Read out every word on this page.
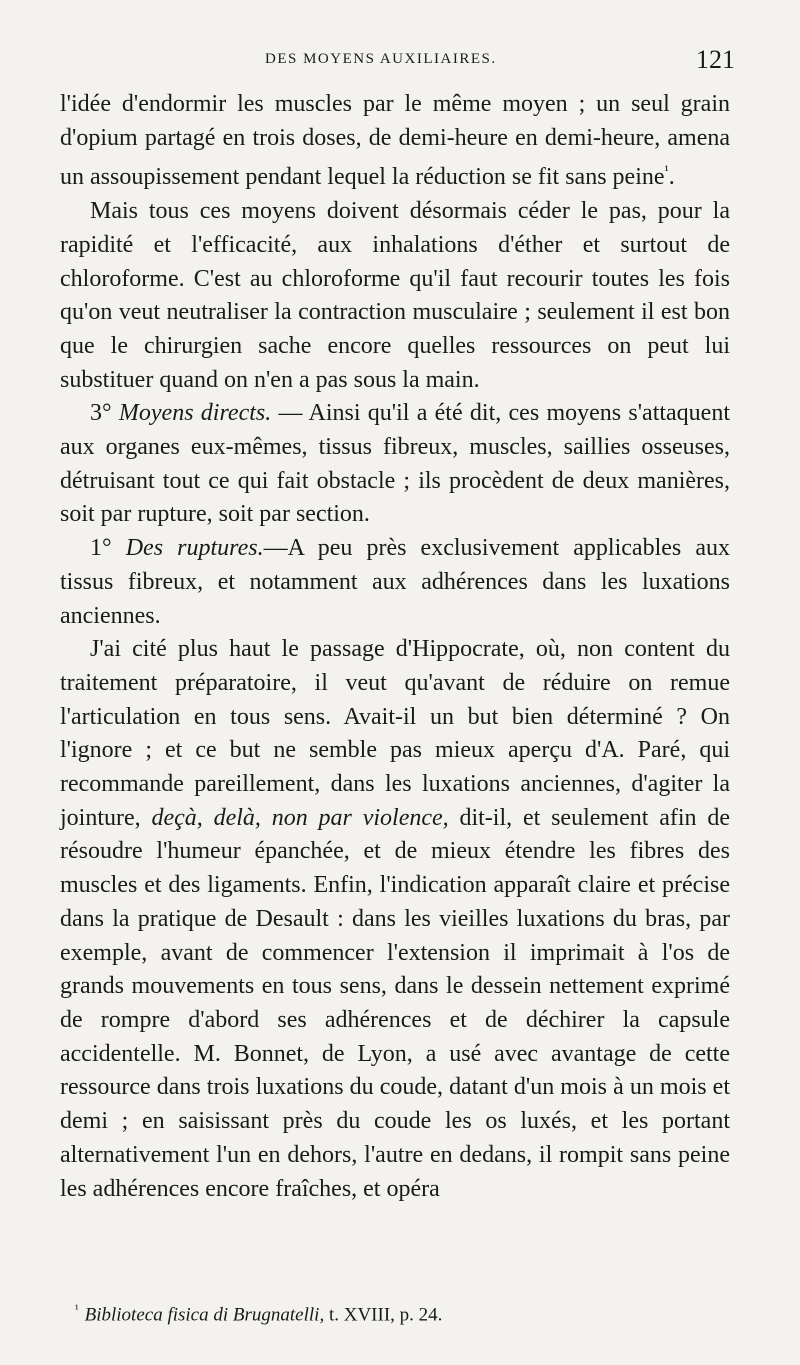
DES MOYENS AUXILIAIRES.	121

l'idée d'endormir les muscles par le même moyen ; un seul grain d'opium partagé en trois doses, de demi-heure en demi-heure, amena un assoupissement pendant lequel la réduction se fit sans peine$^{^1}$.

Mais tous ces moyens doivent désormais céder le pas, pour la rapidité et l'efficacité, aux inhalations d'éther et surtout de chloroforme. C'est au chloroforme qu'il faut recourir toutes les fois qu'on veut neutraliser la contraction musculaire ; seulement il est bon que le chirurgien sache encore quelles ressources on peut lui substituer quand on n'en a pas sous la main.

3° Moyens directs. — Ainsi qu'il a été dit, ces moyens s'attaquent aux organes eux-mêmes, tissus fibreux, muscles, saillies osseuses, détruisant tout ce qui fait obstacle ; ils procèdent de deux manières, soit par rupture, soit par section.

1° Des ruptures.—A peu près exclusivement applicables aux tissus fibreux, et notamment aux adhérences dans les luxations anciennes.

J'ai cité plus haut le passage d'Hippocrate, où, non content du traitement préparatoire, il veut qu'avant de réduire on remue l'articulation en tous sens. Avait-il un but bien déterminé ? On l'ignore ; et ce but ne semble pas mieux aperçu d'A. Paré, qui recommande pareillement, dans les luxations anciennes, d'agiter la jointure, deçà, delà, non par violence, dit-il, et seulement afin de résoudre l'humeur épanchée, et de mieux étendre les fibres des muscles et des ligaments. Enfin, l'indication apparaît claire et précise dans la pratique de Desault : dans les vieilles luxations du bras, par exemple, avant de commencer l'extension il imprimait à l'os de grands mouvements en tous sens, dans le dessein nettement exprimé de rompre d'abord ses adhérences et de déchirer la capsule accidentelle. M. Bonnet, de Lyon, a usé avec avantage de cette ressource dans trois luxations du coude, datant d'un mois à un mois et demi ; en saisissant près du coude les os luxés, et les portant alternativement l'un en dehors, l'autre en dedans, il rompit sans peine les adhérences encore fraîches, et opéra

$^{^1}$ Biblioteca fisica di Brugnatelli, t. XVIII, p. 24.
